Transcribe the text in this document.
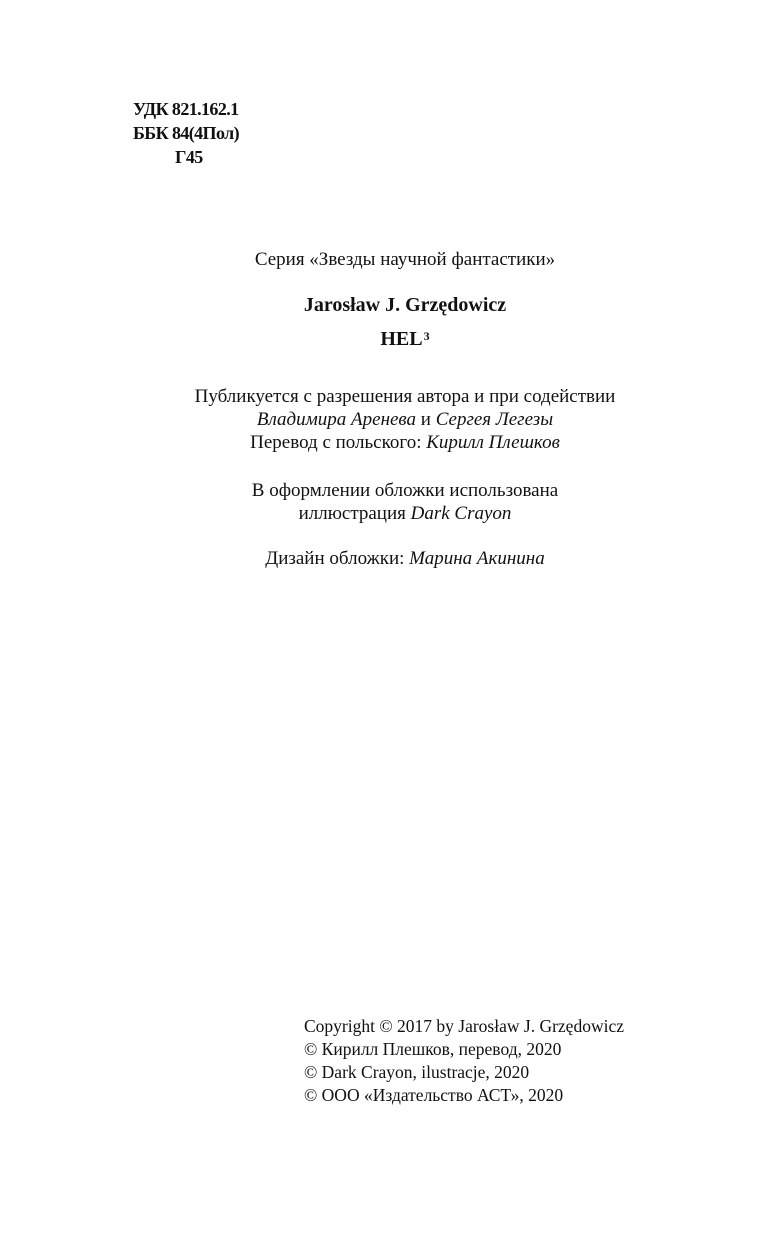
УДК 821.162.1
ББК 84(4Пол)
Г45
Серия «Звезды научной фантастики»
Jarosław J. Grzędowicz
HEL$^3$
Публикуется с разрешения автора и при содействии
Владимира Аренева и Сергея Легезы
Перевод с польского: Кирилл Плешков
В оформлении обложки использована
иллюстрация Dark Crayon
Дизайн обложки: Марина Акинина
Copyright © 2017 by Jarosław J. Grzędowicz
© Кирилл Плешков, перевод, 2020
© Dark Crayon, ilustracje, 2020
© ООО «Издательство АСТ», 2020
